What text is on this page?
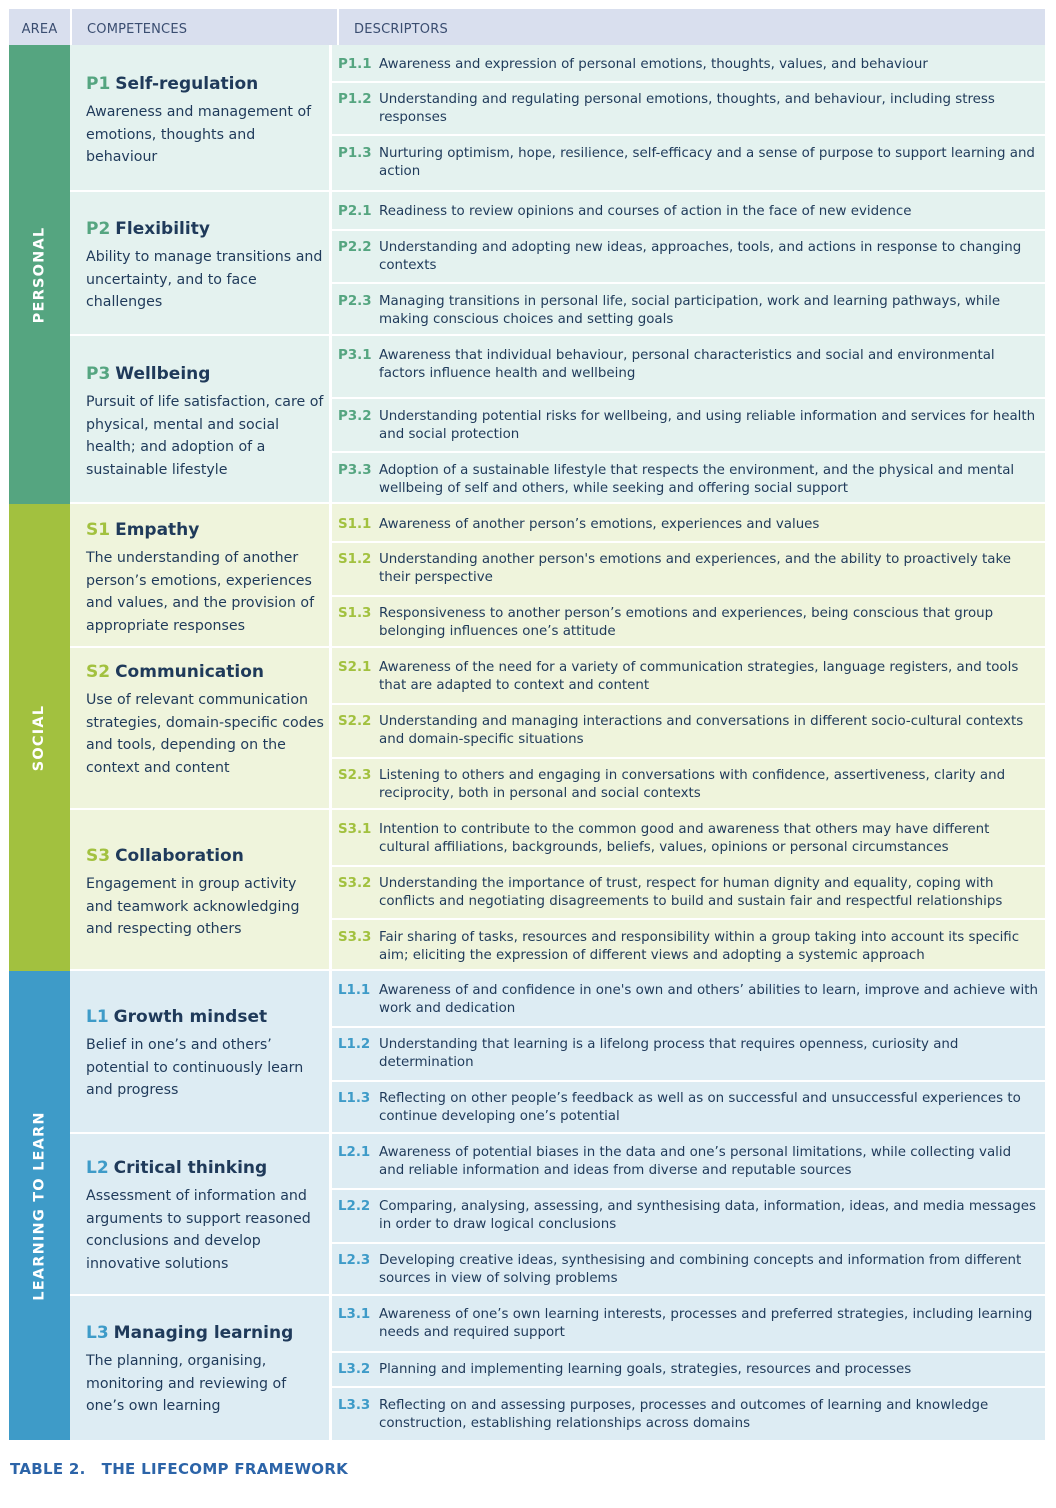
AREA	COMPETENCES	DESCRIPTORS
PERSONAL
SOCIAL
LEARNING TO LEARN
P1 Self-regulation
Awareness and management of emotions, thoughts and behaviour
P1.1 Awareness and expression of personal emotions, thoughts, values, and behaviour
P1.2 Understanding and regulating personal emotions, thoughts, and behaviour, including stress responses
P1.3 Nurturing optimism, hope, resilience, self-efficacy and a sense of purpose to support learning and action
P2 Flexibility
Ability to manage transitions and uncertainty, and to face challenges
P2.1 Readiness to review opinions and courses of action in the face of new evidence
P2.2 Understanding and adopting new ideas, approaches, tools, and actions in response to changing contexts
P2.3 Managing transitions in personal life, social participation, work and learning pathways, while making conscious choices and setting goals
P3 Wellbeing
Pursuit of life satisfaction, care of physical, mental and social health; and adoption of a sustainable lifestyle
P3.1 Awareness that individual behaviour, personal characteristics and social and environmental factors influence health and wellbeing
P3.2 Understanding potential risks for wellbeing, and using reliable information and services for health and social protection
P3.3 Adoption of a sustainable lifestyle that respects the environment, and the physical and mental wellbeing of self and others, while seeking and offering social support
S1 Empathy
The understanding of another person’s emotions, experiences and values, and the provision of appropriate responses
S1.1 Awareness of another person’s emotions, experiences and values
S1.2 Understanding another person's emotions and experiences, and the ability to proactively take their perspective
S1.3 Responsiveness to another person’s emotions and experiences, being conscious that group belonging influences one’s attitude
S2 Communication
Use of relevant communication strategies, domain-specific codes and tools, depending on the context and content
S2.1 Awareness of the need for a variety of communication strategies, language registers, and tools that are adapted to context and content
S2.2 Understanding and managing interactions and conversations in different socio-cultural contexts and domain-specific situations
S2.3 Listening to others and engaging in conversations with confidence, assertiveness, clarity and reciprocity, both in personal and social contexts
S3 Collaboration
Engagement in group activity and teamwork acknowledging and respecting others
S3.1 Intention to contribute to the common good and awareness that others may have different cultural affiliations, backgrounds, beliefs, values, opinions or personal circumstances
S3.2 Understanding the importance of trust, respect for human dignity and equality, coping with conflicts and negotiating disagreements to build and sustain fair and respectful relationships
S3.3 Fair sharing of tasks, resources and responsibility within a group taking into account its specific aim; eliciting the expression of different views and adopting a systemic approach
L1 Growth mindset
Belief in one’s and others’ potential to continuously learn and progress
L1.1 Awareness of and confidence in one's own and others’ abilities to learn, improve and achieve with work and dedication
L1.2 Understanding that learning is a lifelong process that requires openness, curiosity and determination
L1.3 Reflecting on other people’s feedback as well as on successful and unsuccessful experiences to continue developing one’s potential
L2 Critical thinking
Assessment of information and arguments to support reasoned conclusions and develop innovative solutions
L2.1 Awareness of potential biases in the data and one’s personal limitations, while collecting valid and reliable information and ideas from diverse and reputable sources
L2.2 Comparing, analysing, assessing, and synthesising data, information, ideas, and media messages in order to draw logical conclusions
L2.3 Developing creative ideas, synthesising and combining concepts and information from different sources in view of solving problems
L3 Managing learning
The planning, organising, monitoring and reviewing of one’s own learning
L3.1 Awareness of one’s own learning interests, processes and preferred strategies, including learning needs and required support
L3.2 Planning and implementing learning goals, strategies, resources and processes
L3.3 Reflecting on and assessing purposes, processes and outcomes of learning and knowledge construction, establishing relationships across domains
TABLE 2. THE LIFECOMP FRAMEWORK
